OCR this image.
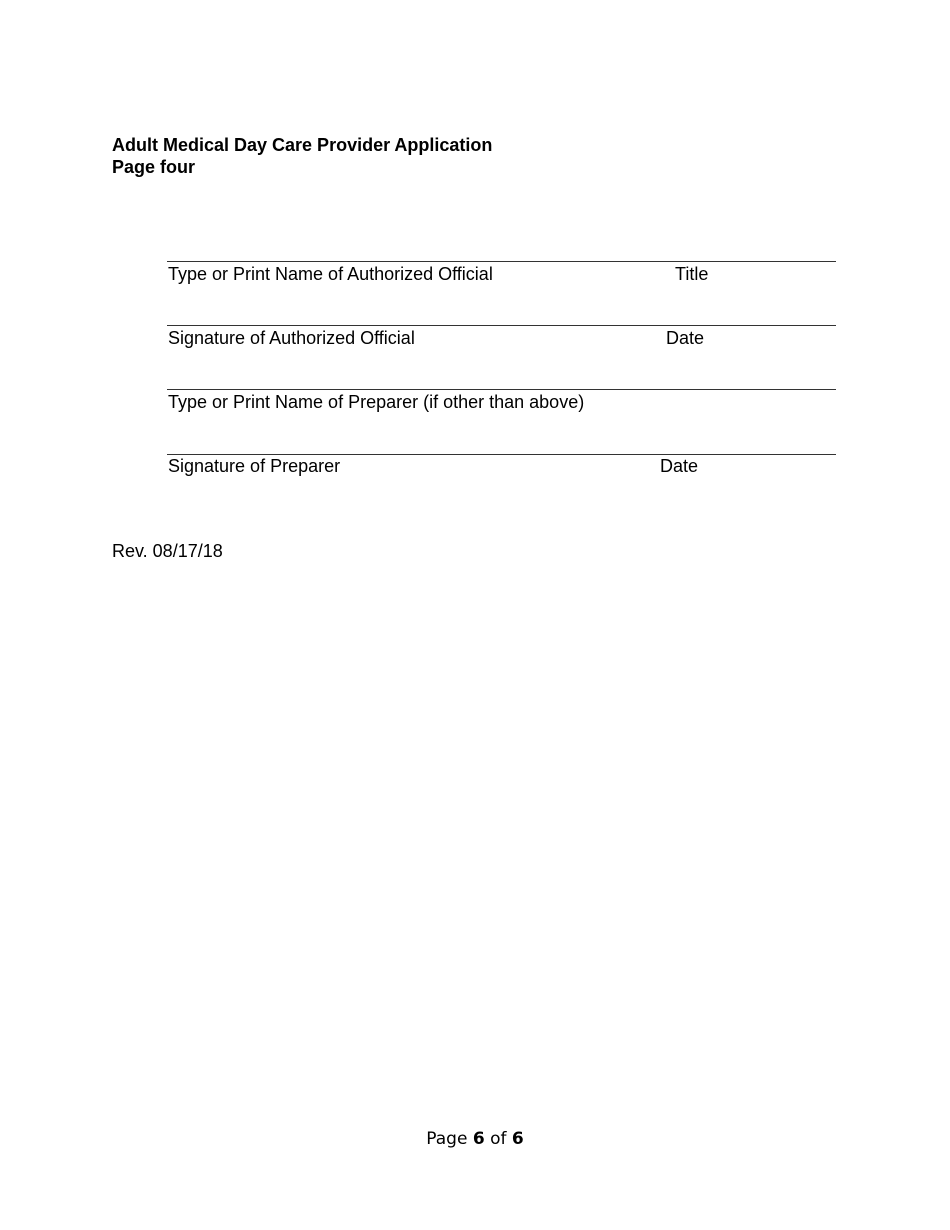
Adult Medical Day Care Provider Application
Page four
Type or Print Name of Authorized Official	Title
Signature of Authorized Official	Date
Type or Print Name of Preparer (if other than above)
Signature of Preparer	Date
Rev. 08/17/18
Page 6 of 6
